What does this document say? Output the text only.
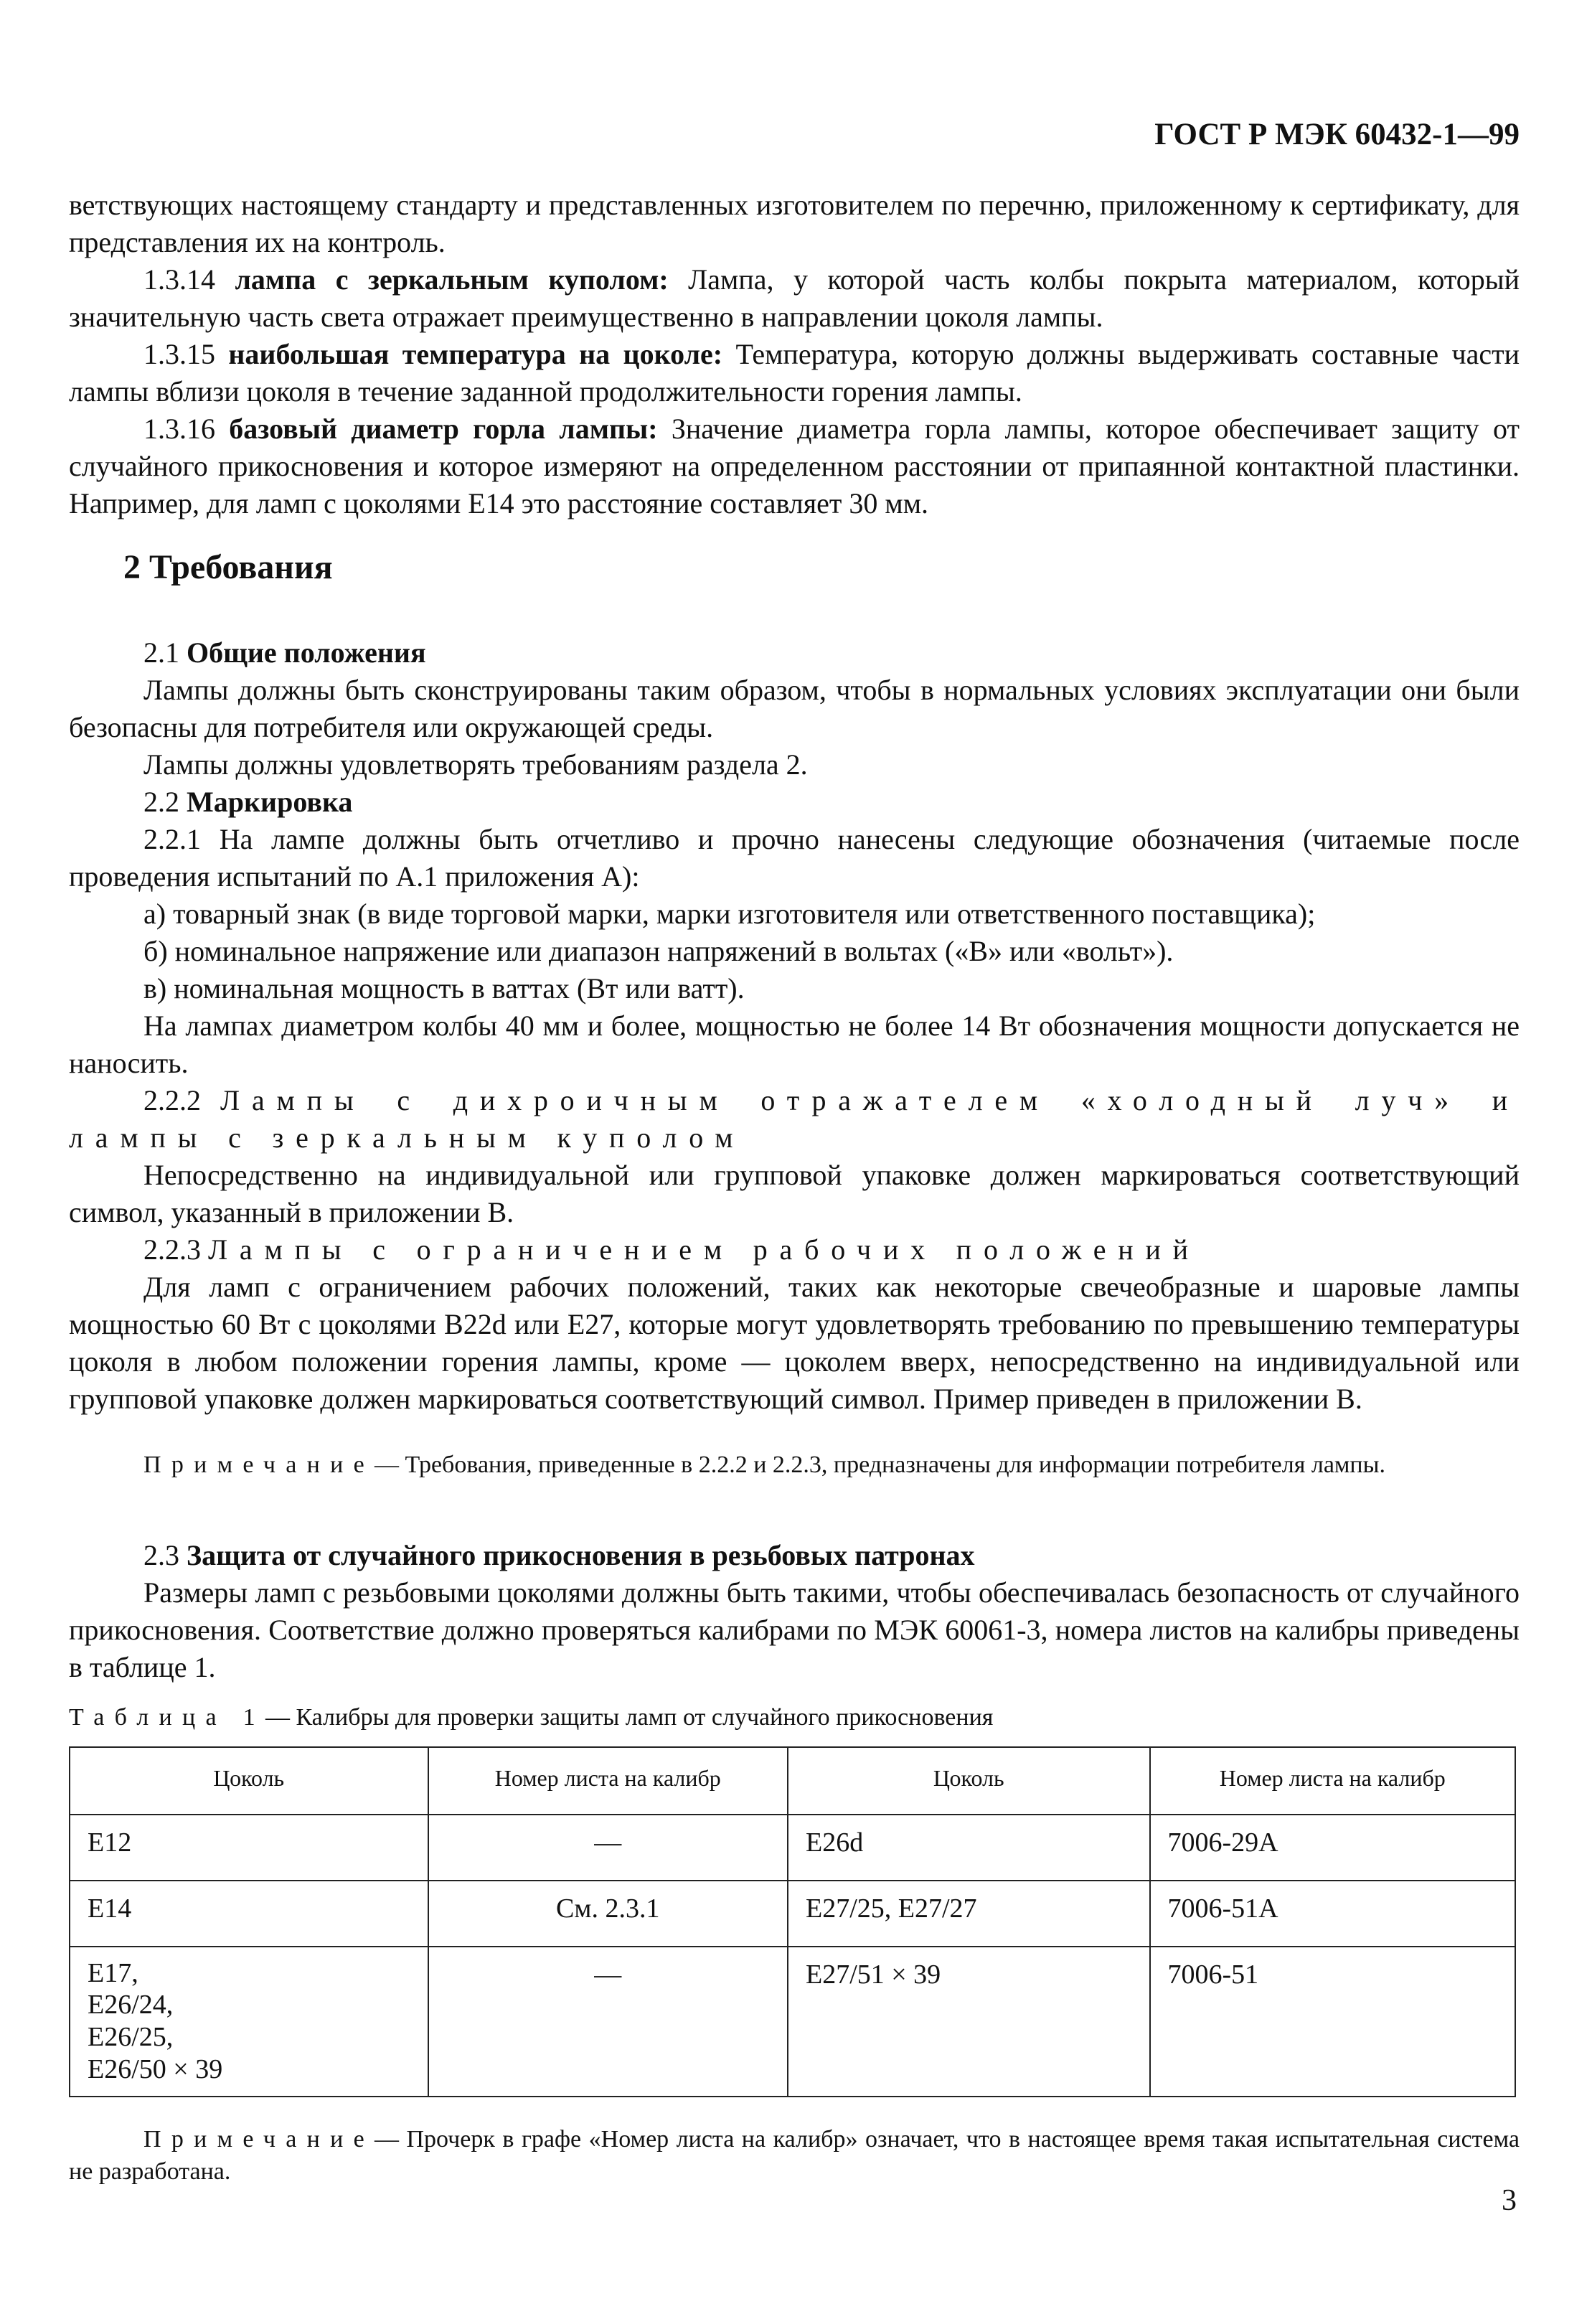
ГОСТ Р МЭК 60432-1—99

ветствующих настоящему стандарту и представленных изготовителем по перечню, приложенному к сертификату, для представления их на контроль.

1.3.14 лампа с зеркальным куполом: Лампа, у которой часть колбы покрыта материалом, который значительную часть света отражает преимущественно в направлении цоколя лампы.

1.3.15 наибольшая температура на цоколе: Температура, которую должны выдерживать составные части лампы вблизи цоколя в течение заданной продолжительности горения лампы.

1.3.16 базовый диаметр горла лампы: Значение диаметра горла лампы, которое обеспечивает защиту от случайного прикосновения и которое измеряют на определенном расстоянии от припаянной контактной пластинки. Например, для ламп с цоколями E14 это расстояние составляет 30 мм.

2 Требования

2.1 Общие положения

Лампы должны быть сконструированы таким образом, чтобы в нормальных условиях эксплуатации они были безопасны для потребителя или окружающей среды.

Лампы должны удовлетворять требованиям раздела 2.

2.2 Маркировка

2.2.1 На лампе должны быть отчетливо и прочно нанесены следующие обозначения (читаемые после проведения испытаний по A.1 приложения A):

а) товарный знак (в виде торговой марки, марки изготовителя или ответственного поставщика);

б) номинальное напряжение или диапазон напряжений в вольтах («В» или «вольт»).

в) номинальная мощность в ваттах (Вт или ватт).

На лампах диаметром колбы 40 мм и более, мощностью не более 14 Вт обозначения мощности допускается не наносить.

2.2.2 Лампы с дихроичным отражателем «холодный луч» и лампы с зеркальным куполом

Непосредственно на индивидуальной или групповой упаковке должен маркироваться соответствующий символ, указанный в приложении B.

2.2.3 Лампы с ограничением рабочих положений

Для ламп с ограничением рабочих положений, таких как некоторые свечеобразные и шаровые лампы мощностью 60 Вт с цоколями B22d или E27, которые могут удовлетворять требованию по превышению температуры цоколя в любом положении горения лампы, кроме — цоколем вверх, непосредственно на индивидуальной или групповой упаковке должен маркироваться соответствующий символ. Пример приведен в приложении B.

Примечание— Требования, приведенные в 2.2.2 и 2.2.3, предназначены для информации потребителя лампы.

2.3 Защита от случайного прикосновения в резьбовых патронах

Размеры ламп с резьбовыми цоколями должны быть такими, чтобы обеспечивалась безопасность от случайного прикосновения. Соответствие должно проверяться калибрами по МЭК 60061-3, номера листов на калибры приведены в таблице 1.

Таблица 1— Калибры для проверки защиты ламп от случайного прикосновения

Цоколь	Номер листа на калибр	Цоколь	Номер листа на калибр
E12	—	E26d	7006-29A
E14	См. 2.3.1	E27/25, E27/27	7006-51A
E17,
E26/24,
E26/25,
E26/50 × 39	—	E27/51 × 39	7006-51

Примечание— Прочерк в графе «Номер листа на калибр» означает, что в настоящее время такая испытательная система не разработана.

3
